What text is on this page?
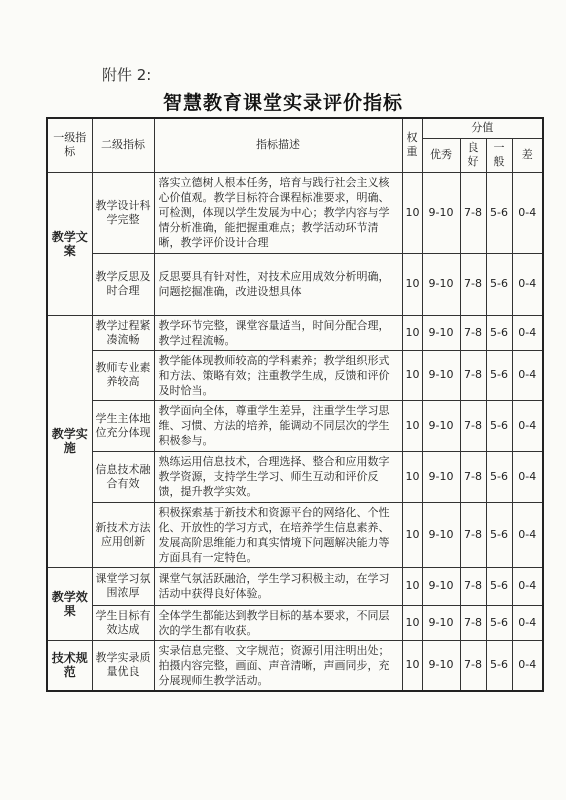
附件 2:
智慧教育课堂实录评价指标
一级指标	二级指标	指标描述	权重	分值			
				优秀	良好	一般	差
教学文案	教学设计科学完整	落实立德树人根本任务，培育与践行社会主义核心价值观。教学目标符合课程标准要求，明确、可检测，体现以学生发展为中心；教学内容与学情分析准确，能把握重难点；教学活动环节清晰，教学评价设计合理	10	9-10	7-8	5-6	0-4
	教学反思及时合理	反思要具有针对性，对技术应用成效分析明确，问题挖掘准确，改进设想具体	10	9-10	7-8	5-6	0-4
教学实施	教学过程紧凑流畅	教学环节完整，课堂容量适当，时间分配合理，教学过程流畅。	10	9-10	7-8	5-6	0-4
	教师专业素养较高	教学能体现教师较高的学科素养；教学组织形式和方法、策略有效；注重教学生成，反馈和评价及时恰当。	10	9-10	7-8	5-6	0-4
	学生主体地位充分体现	教学面向全体，尊重学生差异，注重学生学习思维、习惯、方法的培养，能调动不同层次的学生积极参与。	10	9-10	7-8	5-6	0-4
	信息技术融合有效	熟练运用信息技术，合理选择、整合和应用数字教学资源，支持学生学习、师生互动和评价反馈，提升教学实效。	10	9-10	7-8	5-6	0-4
	新技术方法应用创新	积极探索基于新技术和资源平台的网络化、个性化、开放性的学习方式，在培养学生信息素养、发展高阶思维能力和真实情境下问题解决能力等方面具有一定特色。	10	9-10	7-8	5-6	0-4
教学效果	课堂学习氛围浓厚	课堂气氛活跃融洽，学生学习积极主动，在学习活动中获得良好体验。	10	9-10	7-8	5-6	0-4
	学生目标有效达成	全体学生都能达到教学目标的基本要求，不同层次的学生都有收获。	10	9-10	7-8	5-6	0-4
技术规范	教学实录质量优良	实录信息完整、文字规范；资源引用注明出处；拍摄内容完整，画面、声音清晰，声画同步，充分展现师生教学活动。	10	9-10	7-8	5-6	0-4
